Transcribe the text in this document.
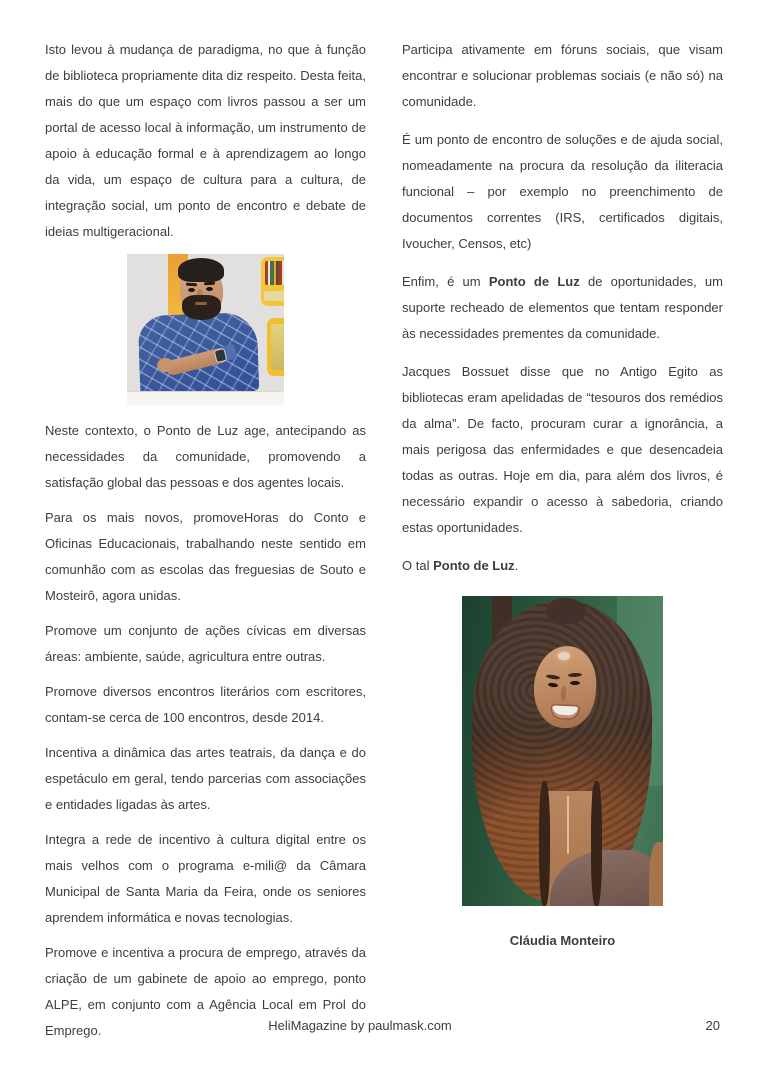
Isto levou à mudança de paradigma, no que à função de biblioteca propriamente dita diz respeito. Desta feita, mais do que um espaço com livros passou a ser um portal de acesso local à informação, um instrumento de apoio à educação formal e à aprendizagem ao longo da vida, um espaço de cultura para a cultura, de integração social, um ponto de encontro e debate de ideias multigeracional.

Neste contexto, o Ponto de Luz age, antecipando as necessidades da comunidade, promovendo a satisfação global das pessoas e dos agentes locais.

Para os mais novos, promoveHoras do Conto e Oficinas Educacionais, trabalhando neste sentido em comunhão com as escolas das freguesias de Souto e Mosteirô, agora unidas.

Promove um conjunto de ações cívicas em diversas áreas: ambiente, saúde, agricultura entre outras.

Promove diversos encontros literários com escritores, contam-se cerca de 100 encontros, desde 2014.

Incentiva a dinâmica das artes teatrais, da dança e do espetáculo em geral, tendo parcerias com associações e entidades ligadas às artes.

Integra a rede de incentivo à cultura digital entre os mais velhos com o programa e-mili@ da Câmara Municipal de Santa Maria da Feira, onde os seniores aprendem informática e novas tecnologias.

Promove e incentiva a procura de emprego, através da criação de um gabinete de apoio ao emprego, ponto ALPE, em conjunto com a Agência Local em Prol do Emprego.

Participa ativamente em fóruns sociais, que visam encontrar e solucionar problemas sociais (e não só) na comunidade.

É um ponto de encontro de soluções e de ajuda social, nomeadamente na procura da resolução da iliteracia funcional – por exemplo no preenchimento de documentos correntes (IRS, certificados digitais, Ivoucher, Censos, etc)

Enfim, é um Ponto de Luz de oportunidades, um suporte recheado de elementos que tentam responder às necessidades prementes da comunidade.

Jacques Bossuet disse que no Antigo Egito as bibliotecas eram apelidadas de “tesouros dos remédios da alma”. De facto, procuram curar a ignorância, a mais perigosa das enfermidades e que desencadeia todas as outras. Hoje em dia, para além dos livros, é necessário expandir o acesso à sabedoria, criando estas oportunidades.

O tal Ponto de Luz.

Cláudia Monteiro
HeliMagazine by paulmask.com	20
